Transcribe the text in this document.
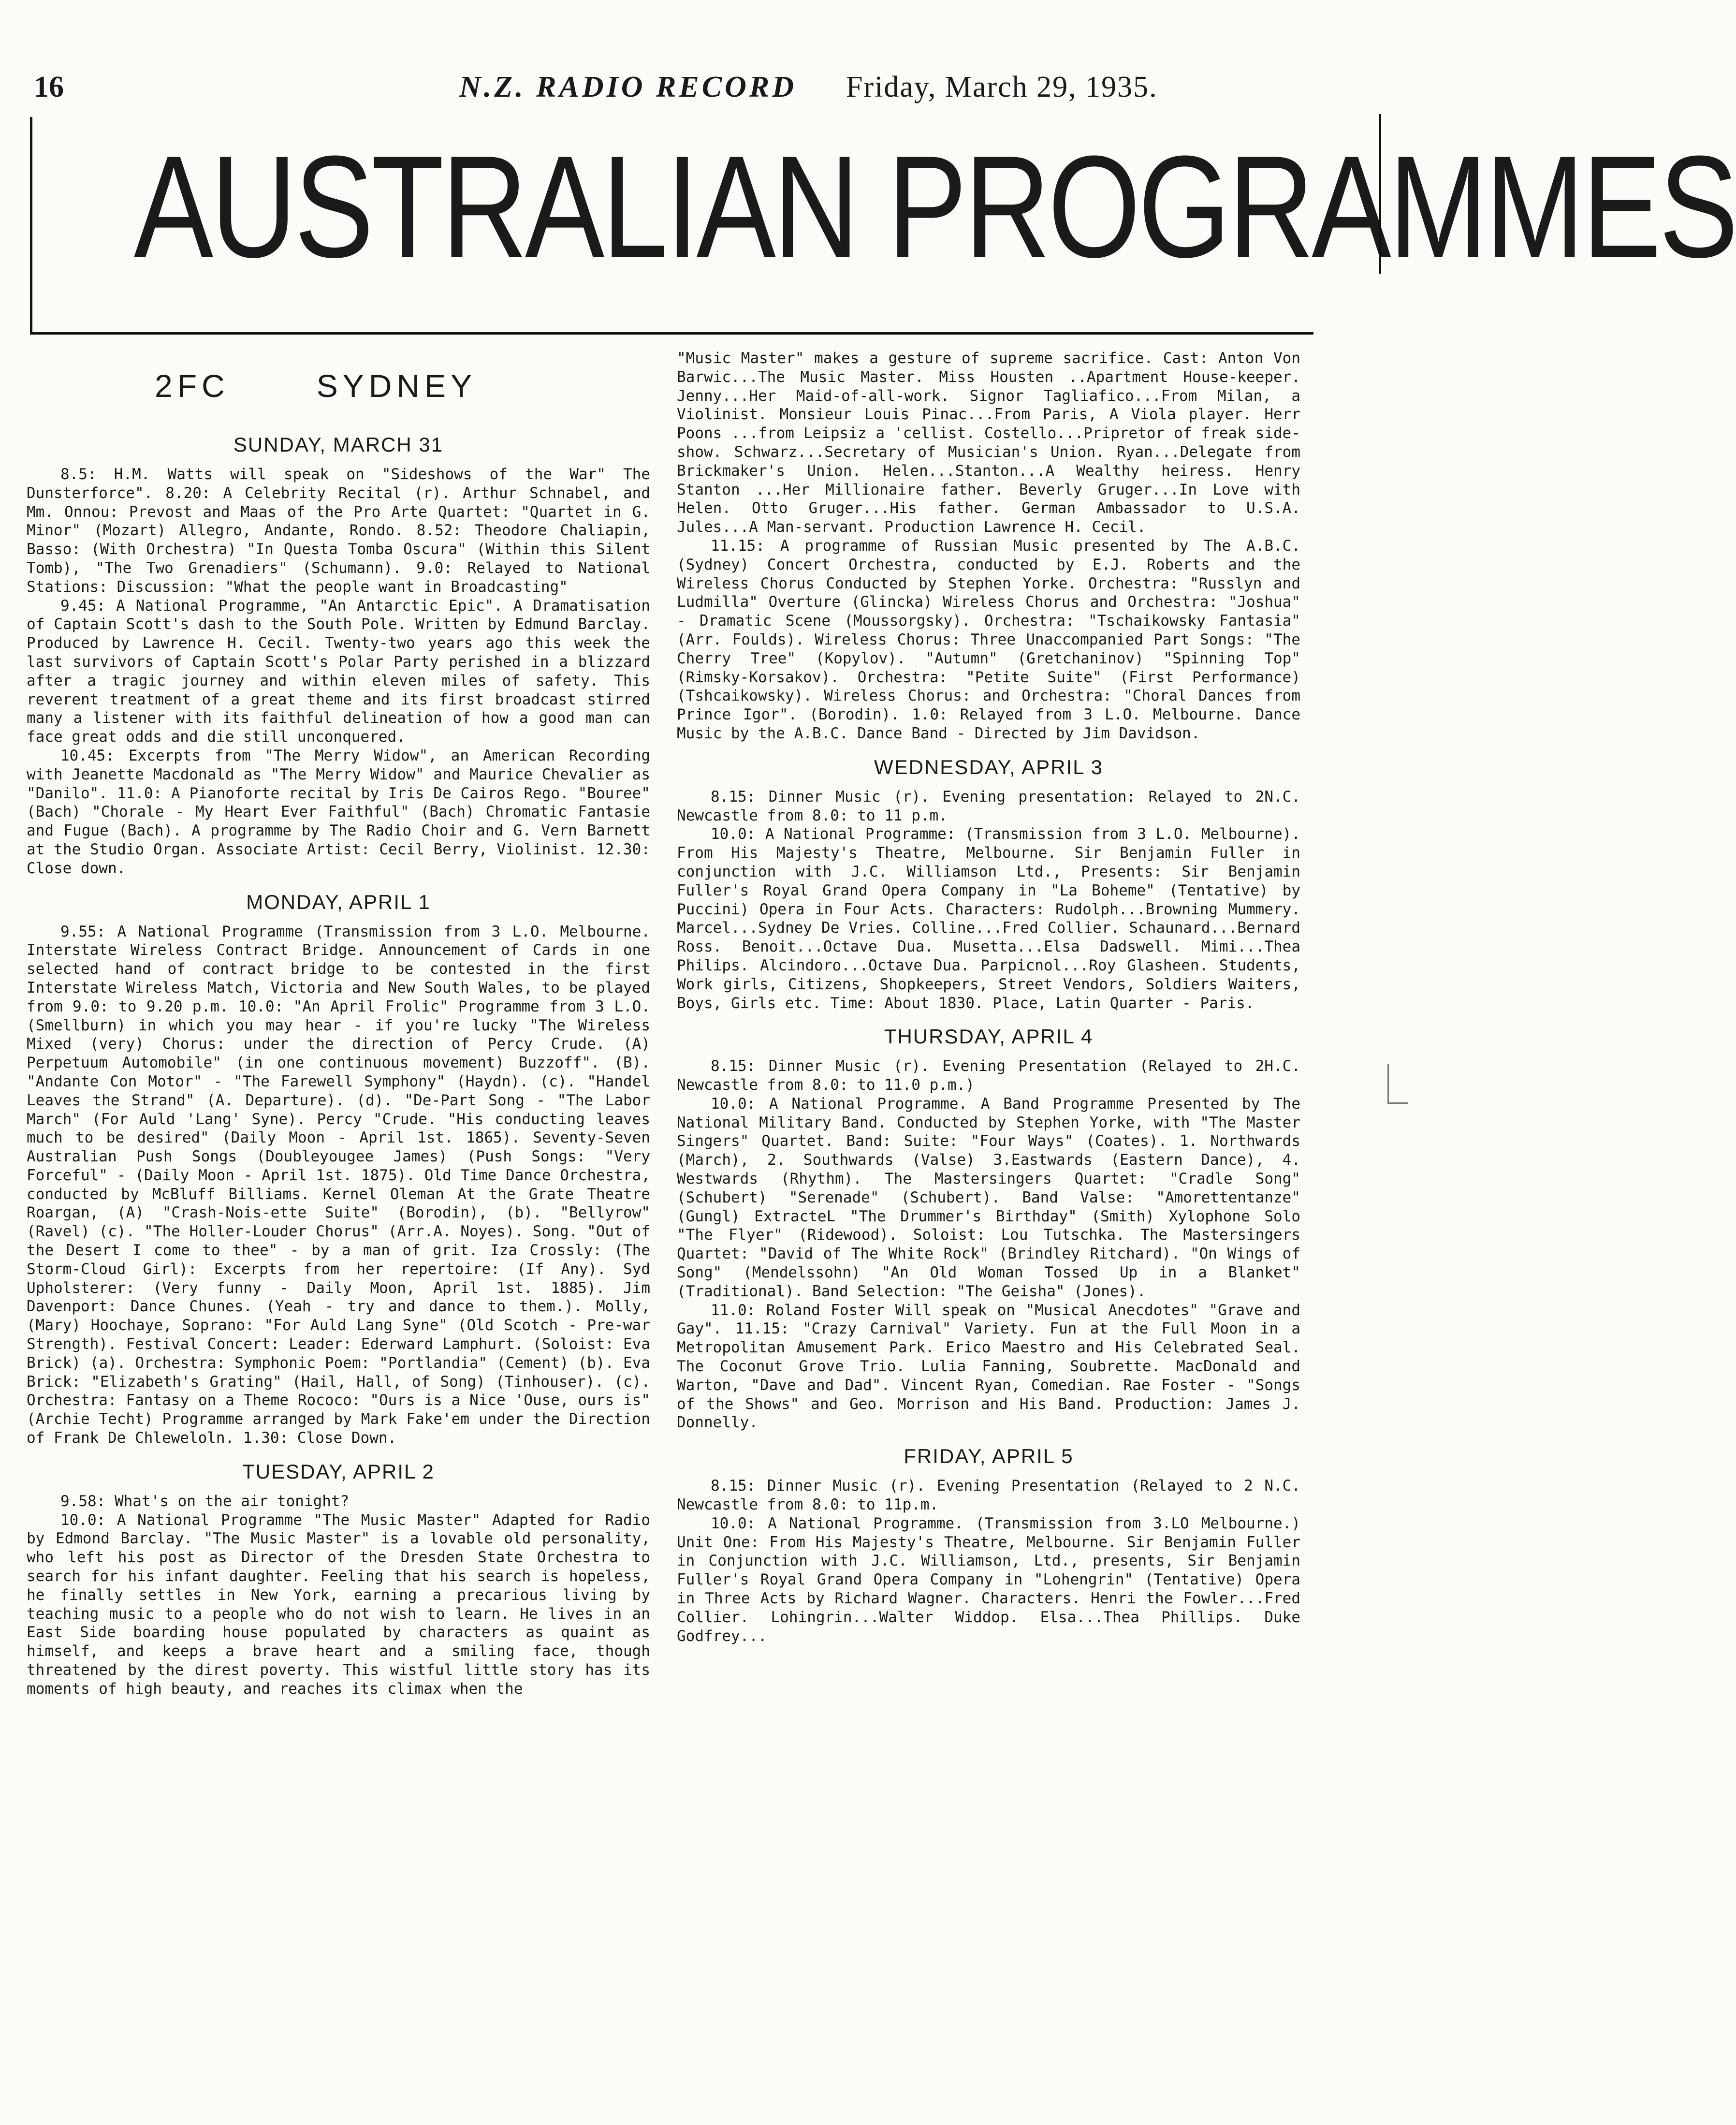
16	N.Z. RADIO RECORD Friday, March 29, 1935.
AUSTRALIAN PROGRAMMES
2FC	SYDNEY
SUNDAY, MARCH 31

8.5: H.M. Watts will speak on "Sideshows of the War" The Dunsterforce". 8.20: A Celebrity Recital (r). Arthur Schnabel, and Mm. Onnou: Prevost and Maas of the Pro Arte Quartet: "Quartet in G. Minor" (Mozart) Allegro, Andante, Rondo. 8.52: Theodore Chaliapin, Basso: (With Orchestra) "In Questa Tomba Oscura" (Within this Silent Tomb), "The Two Grenadiers" (Schumann). 9.0: Relayed to National Stations: Discussion: "What the people want in Broadcasting"

9.45: A National Programme, "An Antarctic Epic". A Dramatisation of Captain Scott's dash to the South Pole. Written by Edmund Barclay. Produced by Lawrence H. Cecil. Twenty-two years ago this week the last survivors of Captain Scott's Polar Party perished in a blizzard after a tragic journey and within eleven miles of safety. This reverent treatment of a great theme and its first broadcast stirred many a listener with its faithful delineation of how a good man can face great odds and die still unconquered.

10.45: Excerpts from "The Merry Widow", an American Recording with Jeanette Macdonald as "The Merry Widow" and Maurice Chevalier as "Danilo". 11.0: A Pianoforte recital by Iris De Cairos Rego. "Bouree" (Bach) "Chorale - My Heart Ever Faithful" (Bach) Chromatic Fantasie and Fugue (Bach). A programme by The Radio Choir and G. Vern Barnett at the Studio Organ. Associate Artist: Cecil Berry, Violinist. 12.30: Close down.

MONDAY, APRIL 1

9.55: A National Programme (Transmission from 3 L.O. Melbourne. Interstate Wireless Contract Bridge. Announcement of Cards in one selected hand of contract bridge to be contested in the first Interstate Wireless Match, Victoria and New South Wales, to be played from 9.0: to 9.20 p.m. 10.0: "An April Frolic" Programme from 3 L.O. (Smellburn) in which you may hear - if you're lucky "The Wireless Mixed (very) Chorus: under the direction of Percy Crude. (A) Perpetuum Automobile" (in one continuous movement) Buzzoff". (B). "Andante Con Motor" - "The Farewell Symphony" (Haydn). (c). "Handel Leaves the Strand" (A. Departure). (d). "De-Part Song - "The Labor March" (For Auld 'Lang' Syne). Percy "Crude. "His conducting leaves much to be desired" (Daily Moon - April 1st. 1865). Seventy-Seven Australian Push Songs (Doubleyougee James) (Push Songs: "Very Forceful" - (Daily Moon - April 1st. 1875). Old Time Dance Orchestra, conducted by McBluff Billiams. Kernel Oleman At the Grate Theatre Roargan, (A) "Crash-Nois-ette Suite" (Borodin), (b). "Bellyrow" (Ravel) (c). "The Holler-Louder Chorus" (Arr.A. Noyes). Song. "Out of the Desert I come to thee" - by a man of grit. Iza Crossly: (The Storm-Cloud Girl): Excerpts from her repertoire: (If Any). Syd Upholsterer: (Very funny - Daily Moon, April 1st. 1885). Jim Davenport: Dance Chunes. (Yeah - try and dance to them.). Molly, (Mary) Hoochaye, Soprano: "For Auld Lang Syne" (Old Scotch - Pre-war Strength). Festival Concert: Leader: Ederward Lamphurt. (Soloist: Eva Brick) (a). Orchestra: Symphonic Poem: "Portlandia" (Cement) (b). Eva Brick: "Elizabeth's Grating" (Hail, Hall, of Song) (Tinhouser). (c). Orchestra: Fantasy on a Theme Rococo: "Ours is a Nice 'Ouse, ours is" (Archie Techt) Programme arranged by Mark Fake'em under the Direction of Frank De Chleweloln. 1.30: Close Down.

TUESDAY, APRIL 2

9.58: What's on the air tonight?

10.0: A National Programme "The Music Master" Adapted for Radio by Edmond Barclay. "The Music Master" is a lovable old personality, who left his post as Director of the Dresden State Orchestra to search for his infant daughter. Feeling that his search is hopeless, he finally settles in New York, earning a precarious living by teaching music to a people who do not wish to learn. He lives in an East Side boarding house populated by characters as quaint as himself, and keeps a brave heart and a smiling face, though threatened by the direst poverty. This wistful little story has its moments of high beauty, and reaches its climax when the

"Music Master" makes a gesture of supreme sacrifice. Cast: Anton Von Barwic...The Music Master. Miss Housten ..Apartment House-keeper. Jenny...Her Maid-of-all-work. Signor Tagliafico...From Milan, a Violinist. Monsieur Louis Pinac...From Paris, A Viola player. Herr Poons ...from Leipsiz a 'cellist. Costello...Pripretor of freak side-show. Schwarz...Secretary of Musician's Union. Ryan...Delegate from Brickmaker's Union. Helen...Stanton...A Wealthy heiress. Henry Stanton ...Her Millionaire father. Beverly Gruger...In Love with Helen. Otto Gruger...His father. German Ambassador to U.S.A. Jules...A Man-servant. Production Lawrence H. Cecil.

11.15: A programme of Russian Music presented by The A.B.C. (Sydney) Concert Orchestra, conducted by E.J. Roberts and the Wireless Chorus Conducted by Stephen Yorke. Orchestra: "Russlyn and Ludmilla" Overture (Glincka) Wireless Chorus and Orchestra: "Joshua" - Dramatic Scene (Moussorgsky). Orchestra: "Tschaikowsky Fantasia" (Arr. Foulds). Wireless Chorus: Three Unaccompanied Part Songs: "The Cherry Tree" (Kopylov). "Autumn" (Gretchaninov) "Spinning Top" (Rimsky-Korsakov). Orchestra: "Petite Suite" (First Performance) (Tshcaikowsky). Wireless Chorus: and Orchestra: "Choral Dances from Prince Igor". (Borodin). 1.0: Relayed from 3 L.O. Melbourne. Dance Music by the A.B.C. Dance Band - Directed by Jim Davidson.

WEDNESDAY, APRIL 3

8.15: Dinner Music (r). Evening presentation: Relayed to 2N.C. Newcastle from 8.0: to 11 p.m.

10.0: A National Programme: (Transmission from 3 L.O. Melbourne). From His Majesty's Theatre, Melbourne. Sir Benjamin Fuller in conjunction with J.C. Williamson Ltd., Presents: Sir Benjamin Fuller's Royal Grand Opera Company in "La Boheme" (Tentative) by Puccini) Opera in Four Acts. Characters: Rudolph...Browning Mummery. Marcel...Sydney De Vries. Colline...Fred Collier. Schaunard...Bernard Ross. Benoit...Octave Dua. Musetta...Elsa Dadswell. Mimi...Thea Philips. Alcindoro...Octave Dua. Parpicnol...Roy Glasheen. Students, Work girls, Citizens, Shopkeepers, Street Vendors, Soldiers Waiters, Boys, Girls etc. Time: About 1830. Place, Latin Quarter - Paris.

THURSDAY, APRIL 4

8.15: Dinner Music (r). Evening Presentation (Relayed to 2H.C. Newcastle from 8.0: to 11.0 p.m.)

10.0: A National Programme. A Band Programme Presented by The National Military Band. Conducted by Stephen Yorke, with "The Master Singers" Quartet. Band: Suite: "Four Ways" (Coates). 1. Northwards (March), 2. Southwards (Valse) 3.Eastwards (Eastern Dance), 4. Westwards (Rhythm). The Mastersingers Quartet: "Cradle Song" (Schubert) "Serenade" (Schubert). Band Valse: "Amorettentanze" (Gungl) ExtracteL "The Drummer's Birthday" (Smith) Xylophone Solo "The Flyer" (Ridewood). Soloist: Lou Tutschka. The Mastersingers Quartet: "David of The White Rock" (Brindley Ritchard). "On Wings of Song" (Mendelssohn) "An Old Woman Tossed Up in a Blanket" (Traditional). Band Selection: "The Geisha" (Jones).

11.0: Roland Foster Will speak on "Musical Anecdotes" "Grave and Gay". 11.15: "Crazy Carnival" Variety. Fun at the Full Moon in a Metropolitan Amusement Park. Erico Maestro and His Celebrated Seal. The Coconut Grove Trio. Lulia Fanning, Soubrette. MacDonald and Warton, "Dave and Dad". Vincent Ryan, Comedian. Rae Foster - "Songs of the Shows" and Geo. Morrison and His Band. Production: James J. Donnelly.

FRIDAY, APRIL 5

8.15: Dinner Music (r). Evening Presentation (Relayed to 2 N.C. Newcastle from 8.0: to 11p.m.

10.0: A National Programme. (Transmission from 3.LO Melbourne.) Unit One: From His Majesty's Theatre, Melbourne. Sir Benjamin Fuller in Conjunction with J.C. Williamson, Ltd., presents, Sir Benjamin Fuller's Royal Grand Opera Company in "Lohengrin" (Tentative) Opera in Three Acts by Richard Wagner. Characters. Henri the Fowler...Fred Collier. Lohingrin...Walter Widdop. Elsa...Thea Phillips. Duke Godfrey...
